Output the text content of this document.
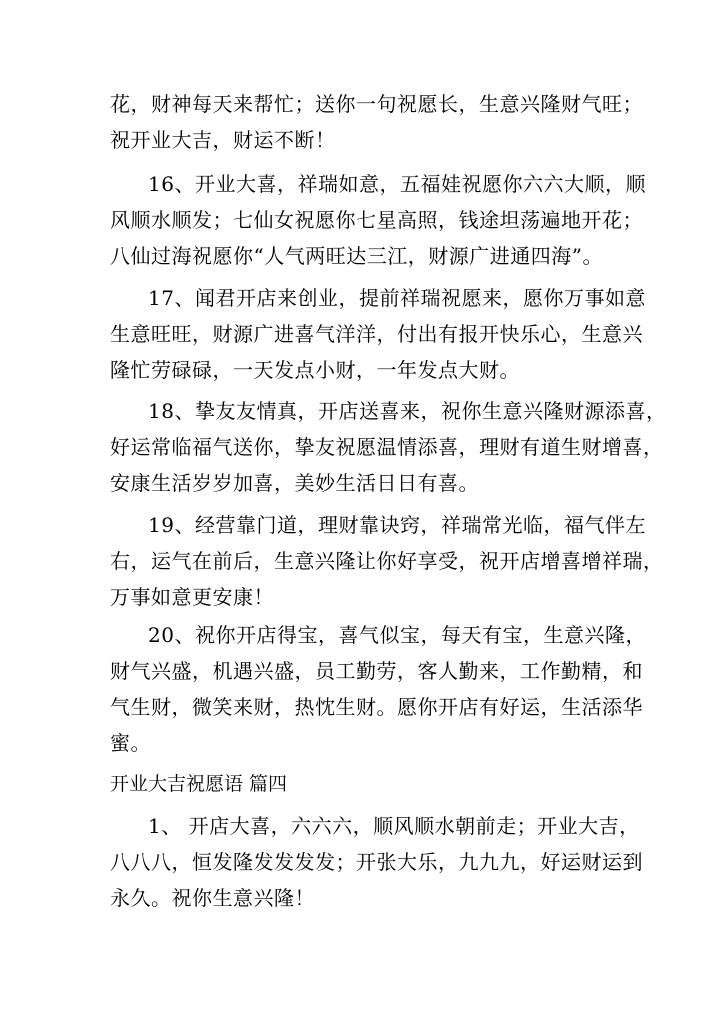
花，财神每天来帮忙；送你一句祝愿长，生意兴隆财气旺；
祝开业大吉，财运不断！
16、开业大喜，祥瑞如意，五福娃祝愿你六六大顺，顺
风顺水顺发；七仙女祝愿你七星高照，钱途坦荡遍地开花；
八仙过海祝愿你“人气两旺达三江，财源广进通四海”。
17、闻君开店来创业，提前祥瑞祝愿来，愿你万事如意
生意旺旺，财源广进喜气洋洋，付出有报开快乐心，生意兴
隆忙劳碌碌，一天发点小财，一年发点大财。
18、挚友友情真，开店送喜来，祝你生意兴隆财源添喜，
好运常临福气送你，挚友祝愿温情添喜，理财有道生财增喜，
安康生活岁岁加喜，美妙生活日日有喜。
19、经营靠门道，理财靠诀窍，祥瑞常光临，福气伴左
右，运气在前后，生意兴隆让你好享受，祝开店增喜增祥瑞，
万事如意更安康！
20、祝你开店得宝，喜气似宝，每天有宝，生意兴隆，
财气兴盛，机遇兴盛，员工勤劳，客人勤来，工作勤精，和
气生财，微笑来财，热忱生财。愿你开店有好运，生活添华
蜜。
开业大吉祝愿语 篇四
1、 开店大喜，六六六，顺风顺水朝前走；开业大吉，
八八八，恒发隆发发发发；开张大乐，九九九，好运财运到
永久。祝你生意兴隆！
